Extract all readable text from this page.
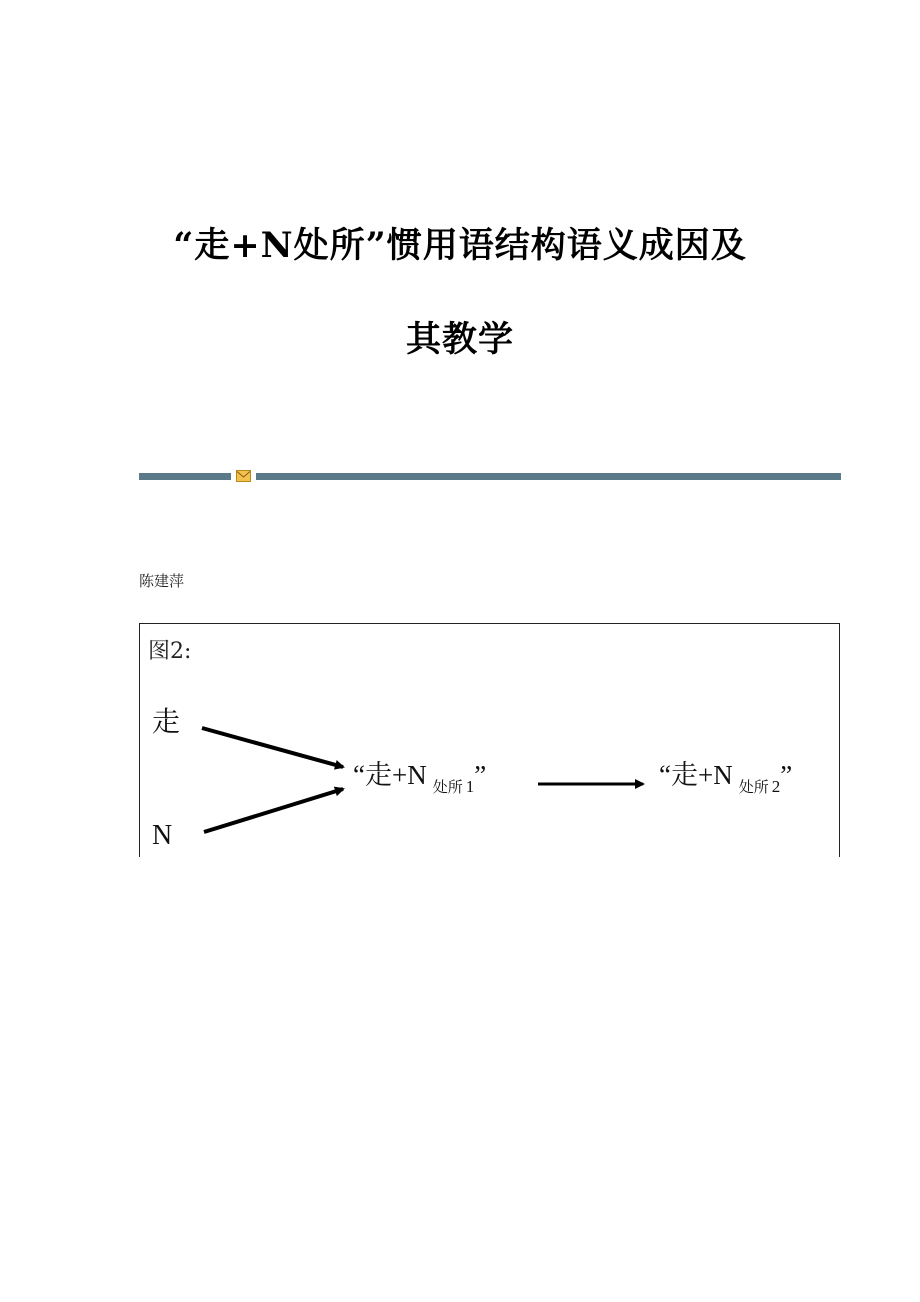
“走+N处所”惯用语结构语义成因及
其教学
陈建萍
图2:
走
N
“走+N $_{处所}$ 1”	“走+N $_{处所}$ 2”
